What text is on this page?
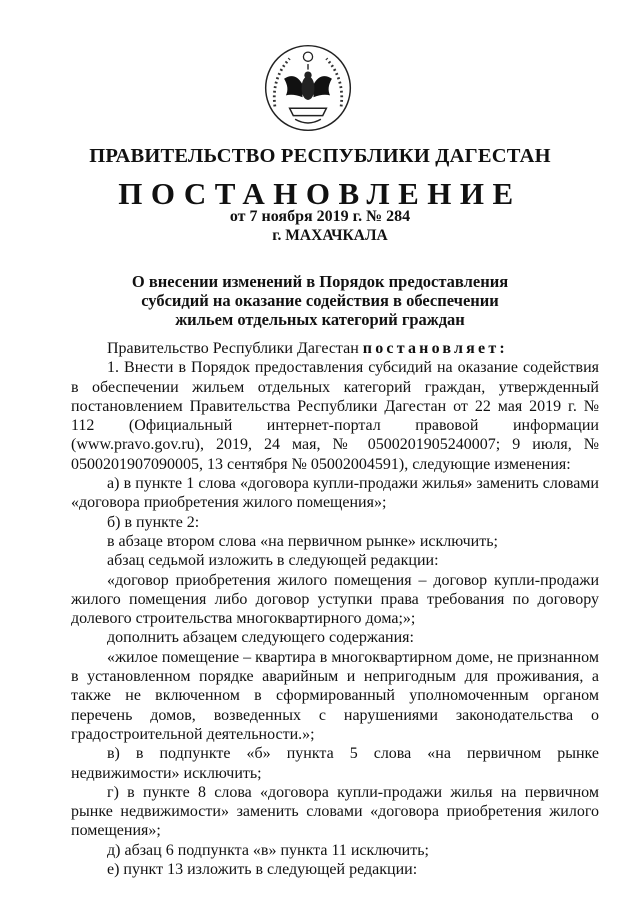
ПРАВИТЕЛЬСТВО РЕСПУБЛИКИ ДАГЕСТАН
ПОСТАНОВЛЕНИЕ
от 7 ноября 2019 г. № 284
г. МАХАЧКАЛА
О внесении изменений в Порядок предоставления
субсидий на оказание содействия в обеспечении
жильем отдельных категорий граждан

Правительство Республики Дагестан постановляет:

1. Внести в Порядок предоставления субсидий на оказание содействия в обеспечении жильем отдельных категорий граждан, утвержденный постановлением Правительства Республики Дагестан от 22 мая 2019 г. № 112 (Официальный интернет-портал правовой информации (www.pravo.gov.ru), 2019, 24 мая, № 0500201905240007; 9 июля, № 0500201907090005, 13 сентября № 05002004591), следующие изменения:

а) в пункте 1 слова «договора купли-продажи жилья» заменить словами «договора приобретения жилого помещения»;

б) в пункте 2:

в абзаце втором слова «на первичном рынке» исключить;

абзац седьмой изложить в следующей редакции:

«договор приобретения жилого помещения – договор купли-продажи жилого помещения либо договор уступки права требования по договору долевого строительства многоквартирного дома;»;

дополнить абзацем следующего содержания:

«жилое помещение – квартира в многоквартирном доме, не признанном в установленном порядке аварийным и непригодным для проживания, а также не включенном в сформированный уполномоченным органом перечень домов, возведенных с нарушениями законодательства о градостроительной деятельности.»;

в) в подпункте «б» пункта 5 слова «на первичном рынке недвижимости» исключить;

г) в пункте 8 слова «договора купли-продажи жилья на первичном рынке недвижимости» заменить словами «договора приобретения жилого помещения»;

д) абзац 6 подпункта «в» пункта 11 исключить;

е) пункт 13 изложить в следующей редакции:
